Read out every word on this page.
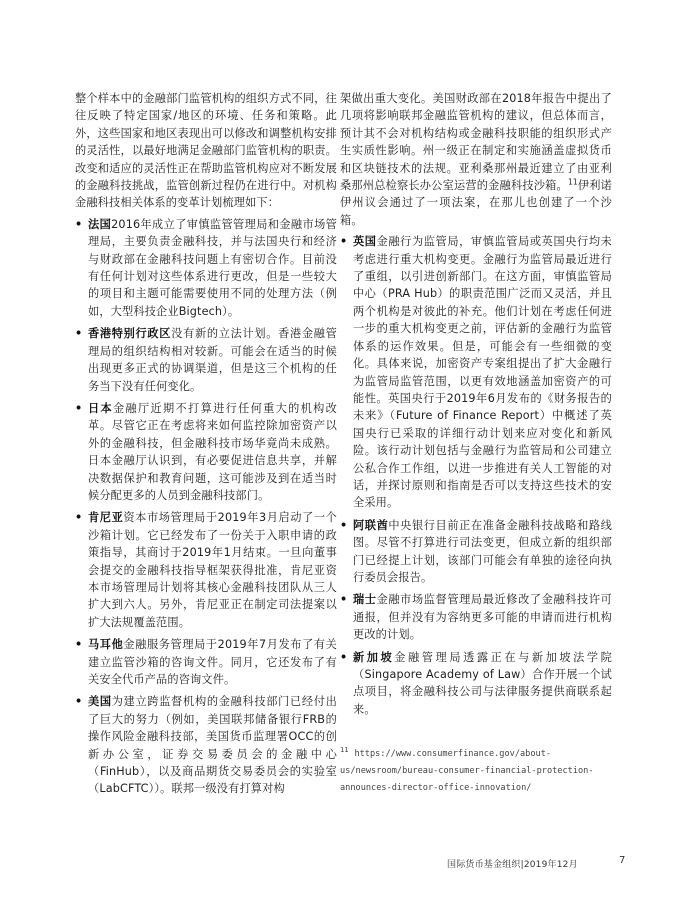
整个样本中的金融部门监管机构的组织方式不同，往往反映了特定国家/地区的环境、任务和策略。此外，这些国家和地区表现出可以修改和调整机构安排的灵活性，以最好地满足金融部门监管机构的职责。改变和适应的灵活性正在帮助监管机构应对不断发展的金融科技挑战，监管创新过程仍在进行中。对机构金融科技相关体系的变革计划梳理如下：

• 法国2016年成立了审慎监管管理局和金融市场管理局，主要负责金融科技，并与法国央行和经济与财政部在金融科技问题上有密切合作。目前没有任何计划对这些体系进行更改，但是一些较大的项目和主题可能需要使用不同的处理方法（例如，大型科技企业Bigtech）。
• 香港特别行政区没有新的立法计划。香港金融管理局的组织结构相对较新。可能会在适当的时候出现更多正式的协调渠道，但是这三个机构的任务当下没有任何变化。
• 日本金融厅近期不打算进行任何重大的机构改革。尽管它正在考虑将来如何监控除加密资产以外的金融科技，但金融科技市场华竟尚未成熟。日本金融厅认识到，有必要促进信息共享，并解决数据保护和教育问题，这可能涉及到在适当时候分配更多的人员到金融科技部门。
• 肯尼亚资本市场管理局于2019年3月启动了一个沙箱计划。它已经发布了一份关于入职申请的政策指导，其商讨于2019年1月结束。一旦向董事会提交的金融科技指导框架获得批准，肯尼亚资本市场管理局计划将其核心金融科技团队从三人扩大到六人。另外，肯尼亚正在制定司法提案以扩大法规覆盖范围。
• 马耳他金融服务管理局于2019年7月发布了有关建立监管沙箱的咨询文件。同月，它还发布了有关安全代币产品的咨询文件。
• 美国为建立跨监督机构的金融科技部门已经付出了巨大的努力（例如，美国联邦储备银行FRB的操作风险金融科技部，美国货币监理署OCC的创新办公室，证券交易委员会的金融中心（FinHub），以及商品期货交易委员会的实验室（LabCFTC））。联邦一级没有打算对构

架做出重大变化。美国财政部在2018年报告中提出了几项将影响联邦金融监管机构的建议，但总体而言，预计其不会对机构结构或金融科技职能的组织形式产生实质性影响。州一级正在制定和实施涵盖虚拟货币和区块链技术的法规。亚利桑那州最近建立了由亚利桑那州总检察长办公室运营的金融科技沙箱。$^{11}$伊利诺伊州议会通过了一项法案，在那儿也创建了一个沙箱。

• 英国金融行为监管局，审慎监管局或英国央行均未考虑进行重大机构变更。金融行为监管局最近进行了重组，以引进创新部门。在这方面，审慎监管局中心（PRA Hub）的职责范围广泛而又灵活，并且两个机构是对彼此的补充。他们计划在考虑任何进一步的重大机构变更之前，评估新的金融行为监管体系的运作效果。但是，可能会有一些细微的变化。具体来说，加密资产专案组提出了扩大金融行为监管局监管范围，以更有效地涵盖加密资产的可能性。英国央行于2019年6月发布的《财务报告的未来》（Future of Finance Report）中概述了英国央行已采取的详细行动计划来应对变化和新风险。该行动计划包括与金融行为监管局和公司建立公私合作工作组，以进一步推进有关人工智能的对话，并探讨原则和指南是否可以支持这些技术的安全采用。
• 阿联酋中央银行目前正在准备金融科技战略和路线图。尽管不打算进行司法变更，但成立新的组织部门已经提上计划，该部门可能会有单独的途径向执行委员会报告。
• 瑞士金融市场监督管理局最近修改了金融科技许可通报，但并没有为容纳更多可能的申请而进行机构更改的计划。
• 新加坡金融管理局透露正在与新加坡法学院（Singapore Academy of Law）合作开展一个试点项目，将金融科技公司与法律服务提供商联系起来。
$^{11}$ https://www.consumerfinance.gov/about-us/newsroom/bureau-consumer-financial-protection-announces-director-office-innovation/
国际货币基金组织|2019年12月	7
